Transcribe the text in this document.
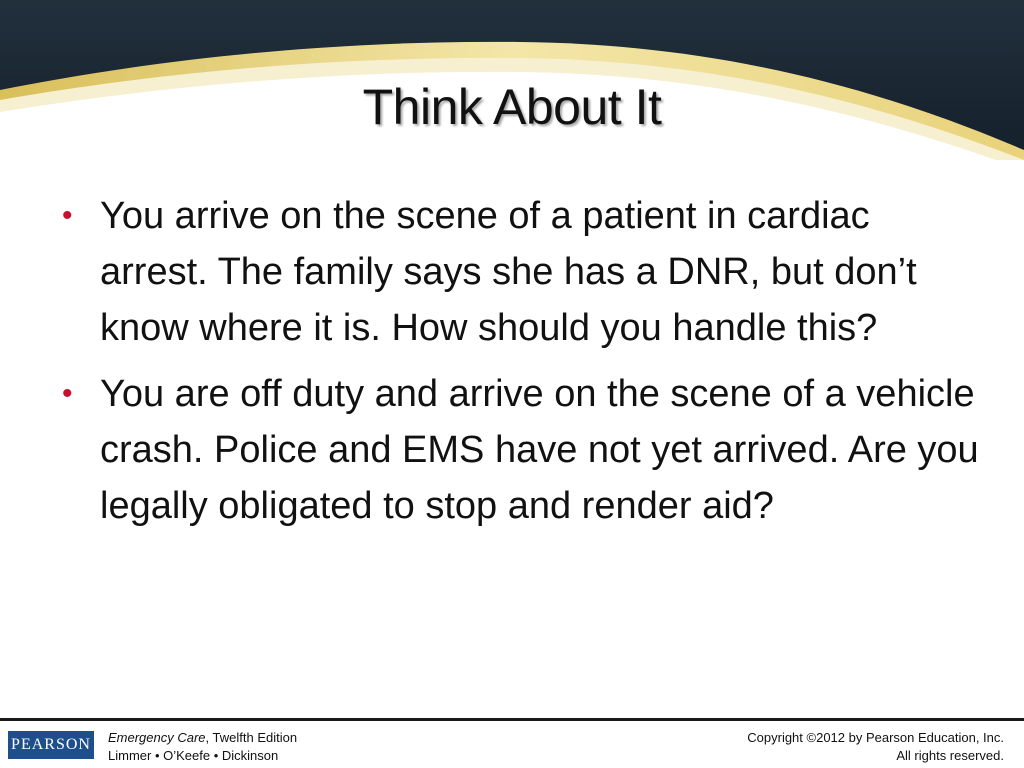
Think About It
• You arrive on the scene of a patient in cardiac arrest. The family says she has a DNR, but don’t know where it is. How should you handle this?
• You are off duty and arrive on the scene of a vehicle crash. Police and EMS have not yet arrived. Are you legally obligated to stop and render aid?
PEARSON Emergency Care, Twelfth Edition
Limmer • O’Keefe • Dickinson
Copyright ©2012 by Pearson Education, Inc.
All rights reserved.
